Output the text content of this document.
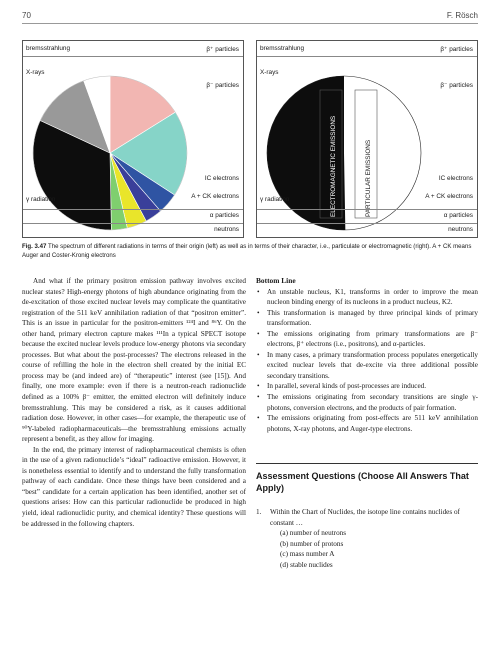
70	F. Rösch
bremsstrahlung
X-rays
γ radiation
β⁺ particles
β⁻ particles
IC electrons
A + CK electrons
α particles
neutrons
ELECTROMAGNETIC EMISSIONS	PARTICULAR EMISSIONS
bremsstrahlung
X-rays
γ radiation
β⁺ particles
β⁻ particles
IC electrons
A + CK electrons
α particles
neutrons
Fig. 3.47 The spectrum of different radiations in terms of their origin (left) as well as in terms of their character, i.e., particulate or electromagnetic (right). A + CK means Auger and Coster-Kronig electrons

And what if the primary positron emission pathway involves excited nuclear states? High-energy photons of high abundance originating from the de-excitation of those excited nuclear levels may complicate the quantitative registration of the 511 keV annihilation radiation of that “positron emitter”. This is an issue in particular for the positron-emitters ¹²⁴I and ⁸⁶Y. On the other hand, primary electron capture makes ¹¹¹In a typical SPECT isotope because the excited nuclear levels produce low-energy photons via secondary processes. But what about the post-processes? The electrons released in the course of refilling the hole in the electron shell created by the initial EC process may be (and indeed are) of “therapeutic” interest (see [15]). And finally, one more example: even if there is a neutron-reach radionuclide defined as a 100% β⁻ emitter, the emitted electron will definitely induce bremsstrahlung. This may be considered a risk, as it causes additional radiation dose. However, in other cases—for example, the therapeutic use of ⁹⁰Y-labeled radiopharmaceuticals—the bremsstrahlung emissions actually represent a benefit, as they allow for imaging.

In the end, the primary interest of radiopharmaceutical chemists is often in the use of a given radionuclide’s “ideal” radioactive emission. However, it is nonetheless essential to identify and to understand the fully transformation pathway of each candidate. Once these things have been considered and a “best” candidate for a certain application has been identified, another set of questions arises: How can this particular radionuclide be produced in high yield, ideal radionuclidic purity, and chemical identity? These questions will be addressed in the following chapters.

Bottom Line
• An unstable nucleus, K1, transforms in order to improve the mean nucleon binding energy of its nucleons in a product nucleus, K2.
• This transformation is managed by three principal kinds of primary transformation.
• The emissions originating from primary transformations are β⁻ electrons, β⁺ electrons (i.e., positrons), and α-particles.
• In many cases, a primary transformation process populates energetically excited nuclear levels that de-excite via three additional possible secondary transitions.
• In parallel, several kinds of post-processes are induced.
• The emissions originating from secondary transitions are single γ-photons, conversion electrons, and the products of pair formation.
• The emissions originating from post-effects are 511 keV annihilation photons, X-ray photons, and Auger-type electrons.
Assessment Questions (Choose All Answers That Apply)
1. Within the Chart of Nuclides, the isotope line contains nuclides of constant …
(a) number of neutrons
(b) number of protons
(c) mass number A
(d) stable nuclides
